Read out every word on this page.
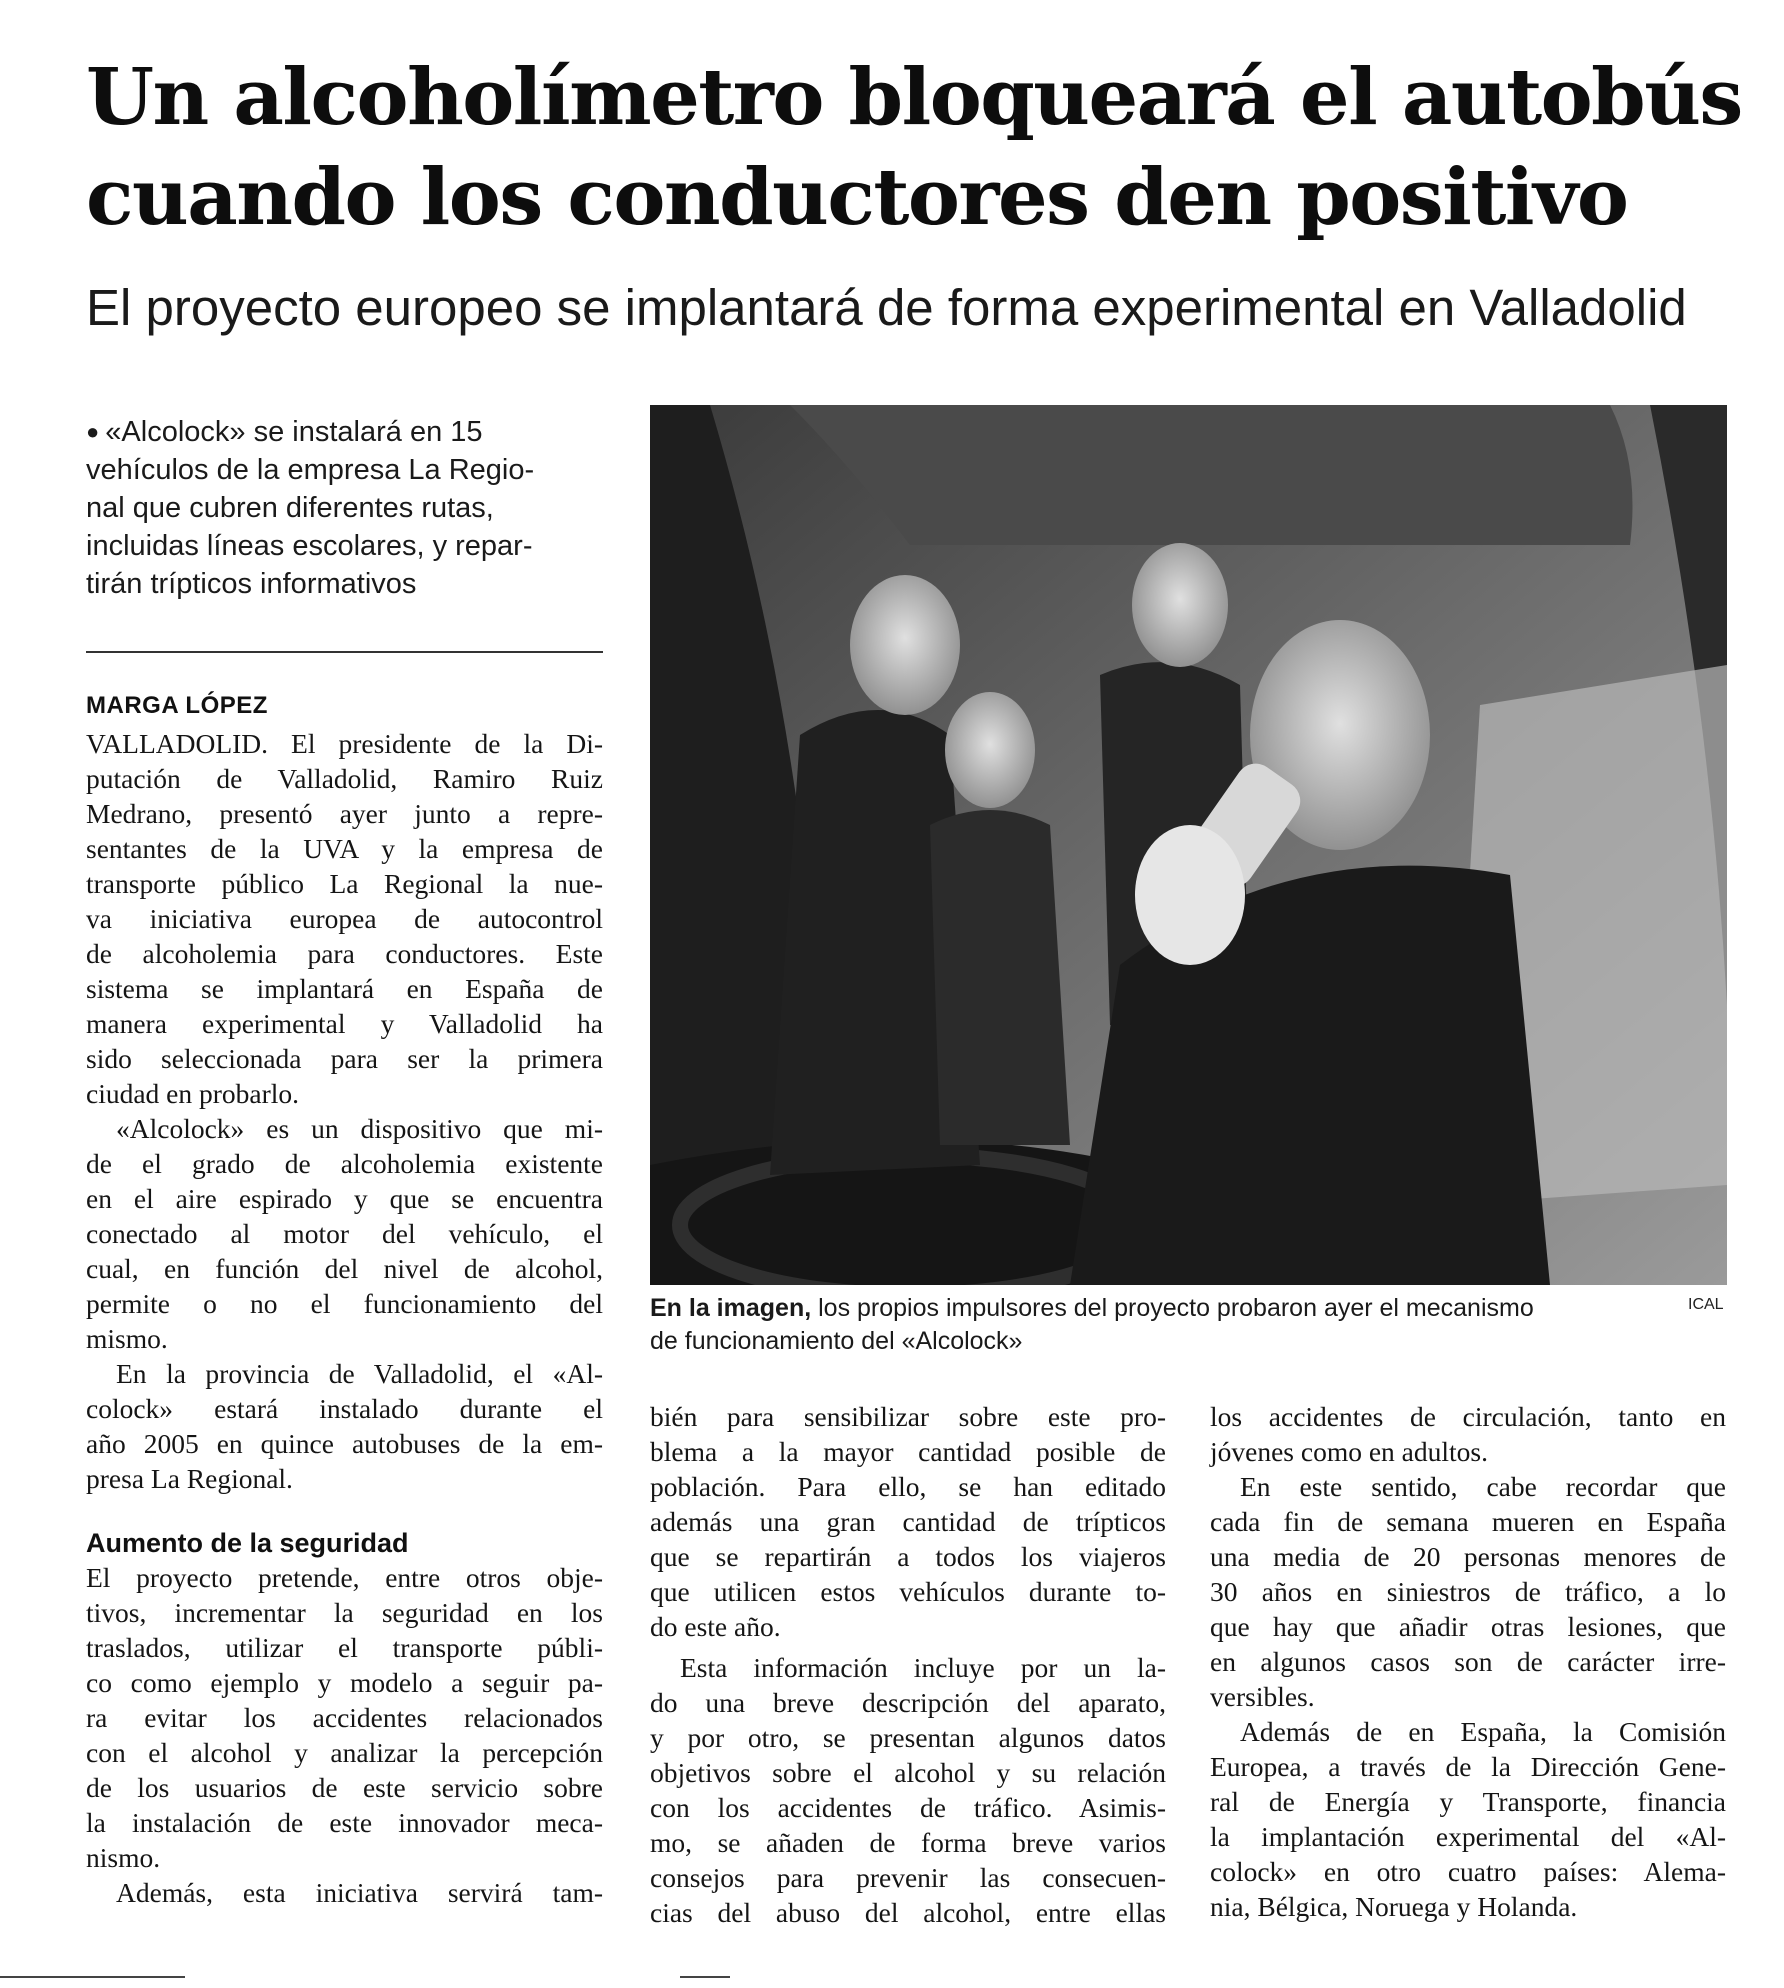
Un alcoholímetro bloqueará el autobús
cuando los conductores den positivo
El proyecto europeo se implantará de forma experimental en Valladolid
● «Alcolock» se instalará en 15
vehículos de la empresa La Regio-
nal que cubren diferentes rutas,
incluidas líneas escolares, y repar-
tirán trípticos informativos
MARGA LÓPEZ
VALLADOLID. El presidente de la Di-
putación de Valladolid, Ramiro Ruiz
Medrano, presentó ayer junto a repre-
sentantes de la UVA y la empresa de
transporte público La Regional la nue-
va iniciativa europea de autocontrol
de alcoholemia para conductores. Este
sistema se implantará en España de
manera experimental y Valladolid ha
sido seleccionada para ser la primera
ciudad en probarlo.
«Alcolock» es un dispositivo que mi-
de el grado de alcoholemia existente
en el aire espirado y que se encuentra
conectado al motor del vehículo, el
cual, en función del nivel de alcohol,
permite o no el funcionamiento del
mismo.
En la provincia de Valladolid, el «Al-
colock» estará instalado durante el
año 2005 en quince autobuses de la em-
presa La Regional.
Aumento de la seguridad
El proyecto pretende, entre otros obje-
tivos, incrementar la seguridad en los
traslados, utilizar el transporte públi-
co como ejemplo y modelo a seguir pa-
ra evitar los accidentes relacionados
con el alcohol y analizar la percepción
de los usuarios de este servicio sobre
la instalación de este innovador meca-
nismo.
Además, esta iniciativa servirá tam-
En la imagen, los propios impulsores del proyecto probaron ayer el mecanismo
de funcionamiento del «Alcolock»
ICAL
bién para sensibilizar sobre este pro-
blema a la mayor cantidad posible de
población. Para ello, se han editado
además una gran cantidad de trípticos
que se repartirán a todos los viajeros
que utilicen estos vehículos durante to-
do este año.
Esta información incluye por un la-
do una breve descripción del aparato,
y por otro, se presentan algunos datos
objetivos sobre el alcohol y su relación
con los accidentes de tráfico. Asimis-
mo, se añaden de forma breve varios
consejos para prevenir las consecuen-
cias del abuso del alcohol, entre ellas
los accidentes de circulación, tanto en
jóvenes como en adultos.
En este sentido, cabe recordar que
cada fin de semana mueren en España
una media de 20 personas menores de
30 años en siniestros de tráfico, a lo
que hay que añadir otras lesiones, que
en algunos casos son de carácter irre-
versibles.
Además de en España, la Comisión
Europea, a través de la Dirección Gene-
ral de Energía y Transporte, financia
la implantación experimental del «Al-
colock» en otro cuatro países: Alema-
nia, Bélgica, Noruega y Holanda.
